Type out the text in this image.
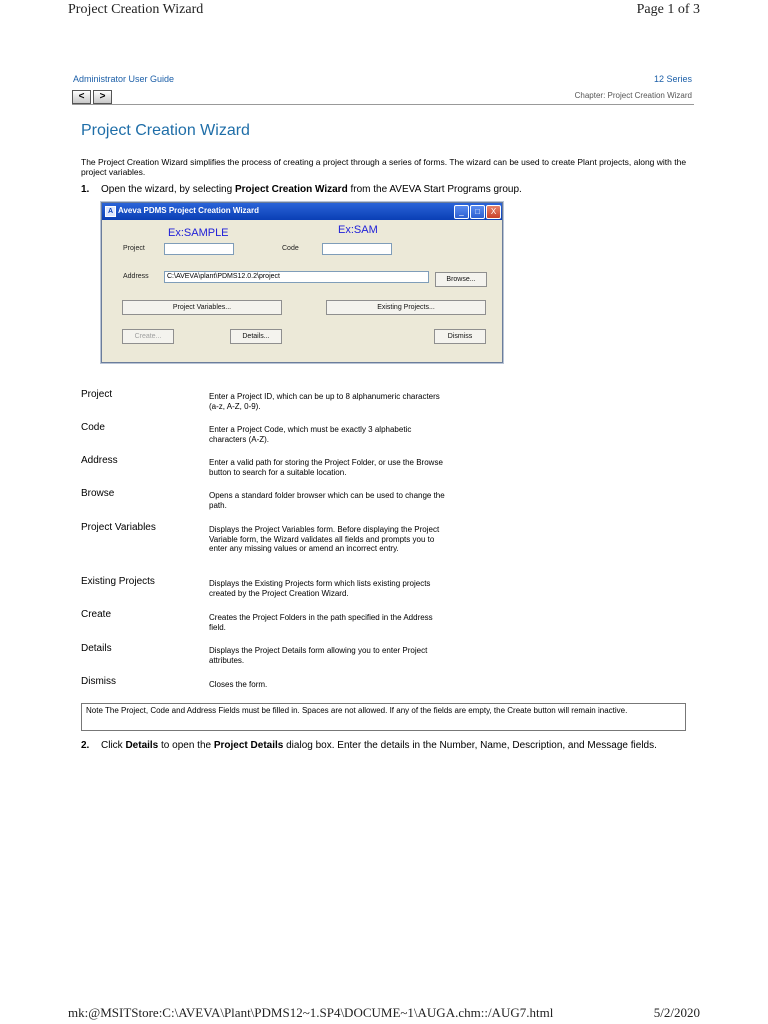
Project Creation Wizard	Page 1 of 3
Administrator User Guide	12 Series
<	>	Chapter: Project Creation Wizard
Project Creation Wizard
The Project Creation Wizard simplifies the process of creating a project through a series of forms. The wizard can be used to create Plant projects, along with the project variables.
1. Open the wizard, by selecting Project Creation Wizard from the AVEVA Start Programs group.
A Aveva PDMS Project Creation Wizard	_	□	X
Ex:SAMPLE	Ex:SAM
Project	Code
Address	C:\AVEVA\plant\PDMS12.0.2\project	Browse...
Project Variables...	Existing Projects...
Create...	Details...	Dismiss
Project	Enter a Project ID, which can be up to 8 alphanumeric characters (a-z, A-Z, 0-9).
Code	Enter a Project Code, which must be exactly 3 alphabetic characters (A-Z).
Address	Enter a valid path for storing the Project Folder, or use the Browse button to search for a suitable location.
Browse	Opens a standard folder browser which can be used to change the path.
Project Variables	Displays the Project Variables form. Before displaying the Project Variable form, the Wizard validates all fields and prompts you to enter any missing values or amend an incorrect entry.
Existing Projects	Displays the Existing Projects form which lists existing projects created by the Project Creation Wizard.
Create	Creates the Project Folders in the path specified in the Address field.
Details	Displays the Project Details form allowing you to enter Project attributes.
Dismiss	Closes the form.
Note The Project, Code and Address Fields must be filled in. Spaces are not allowed. If any of the fields are empty, the Create button will remain inactive.
2. Click Details to open the Project Details dialog box. Enter the details in the Number, Name, Description, and Message fields.
mk:@MSITStore:C:\AVEVA\Plant\PDMS12~1.SP4\DOCUME~1\AUGA.chm::/AUG7.html	5/2/2020
